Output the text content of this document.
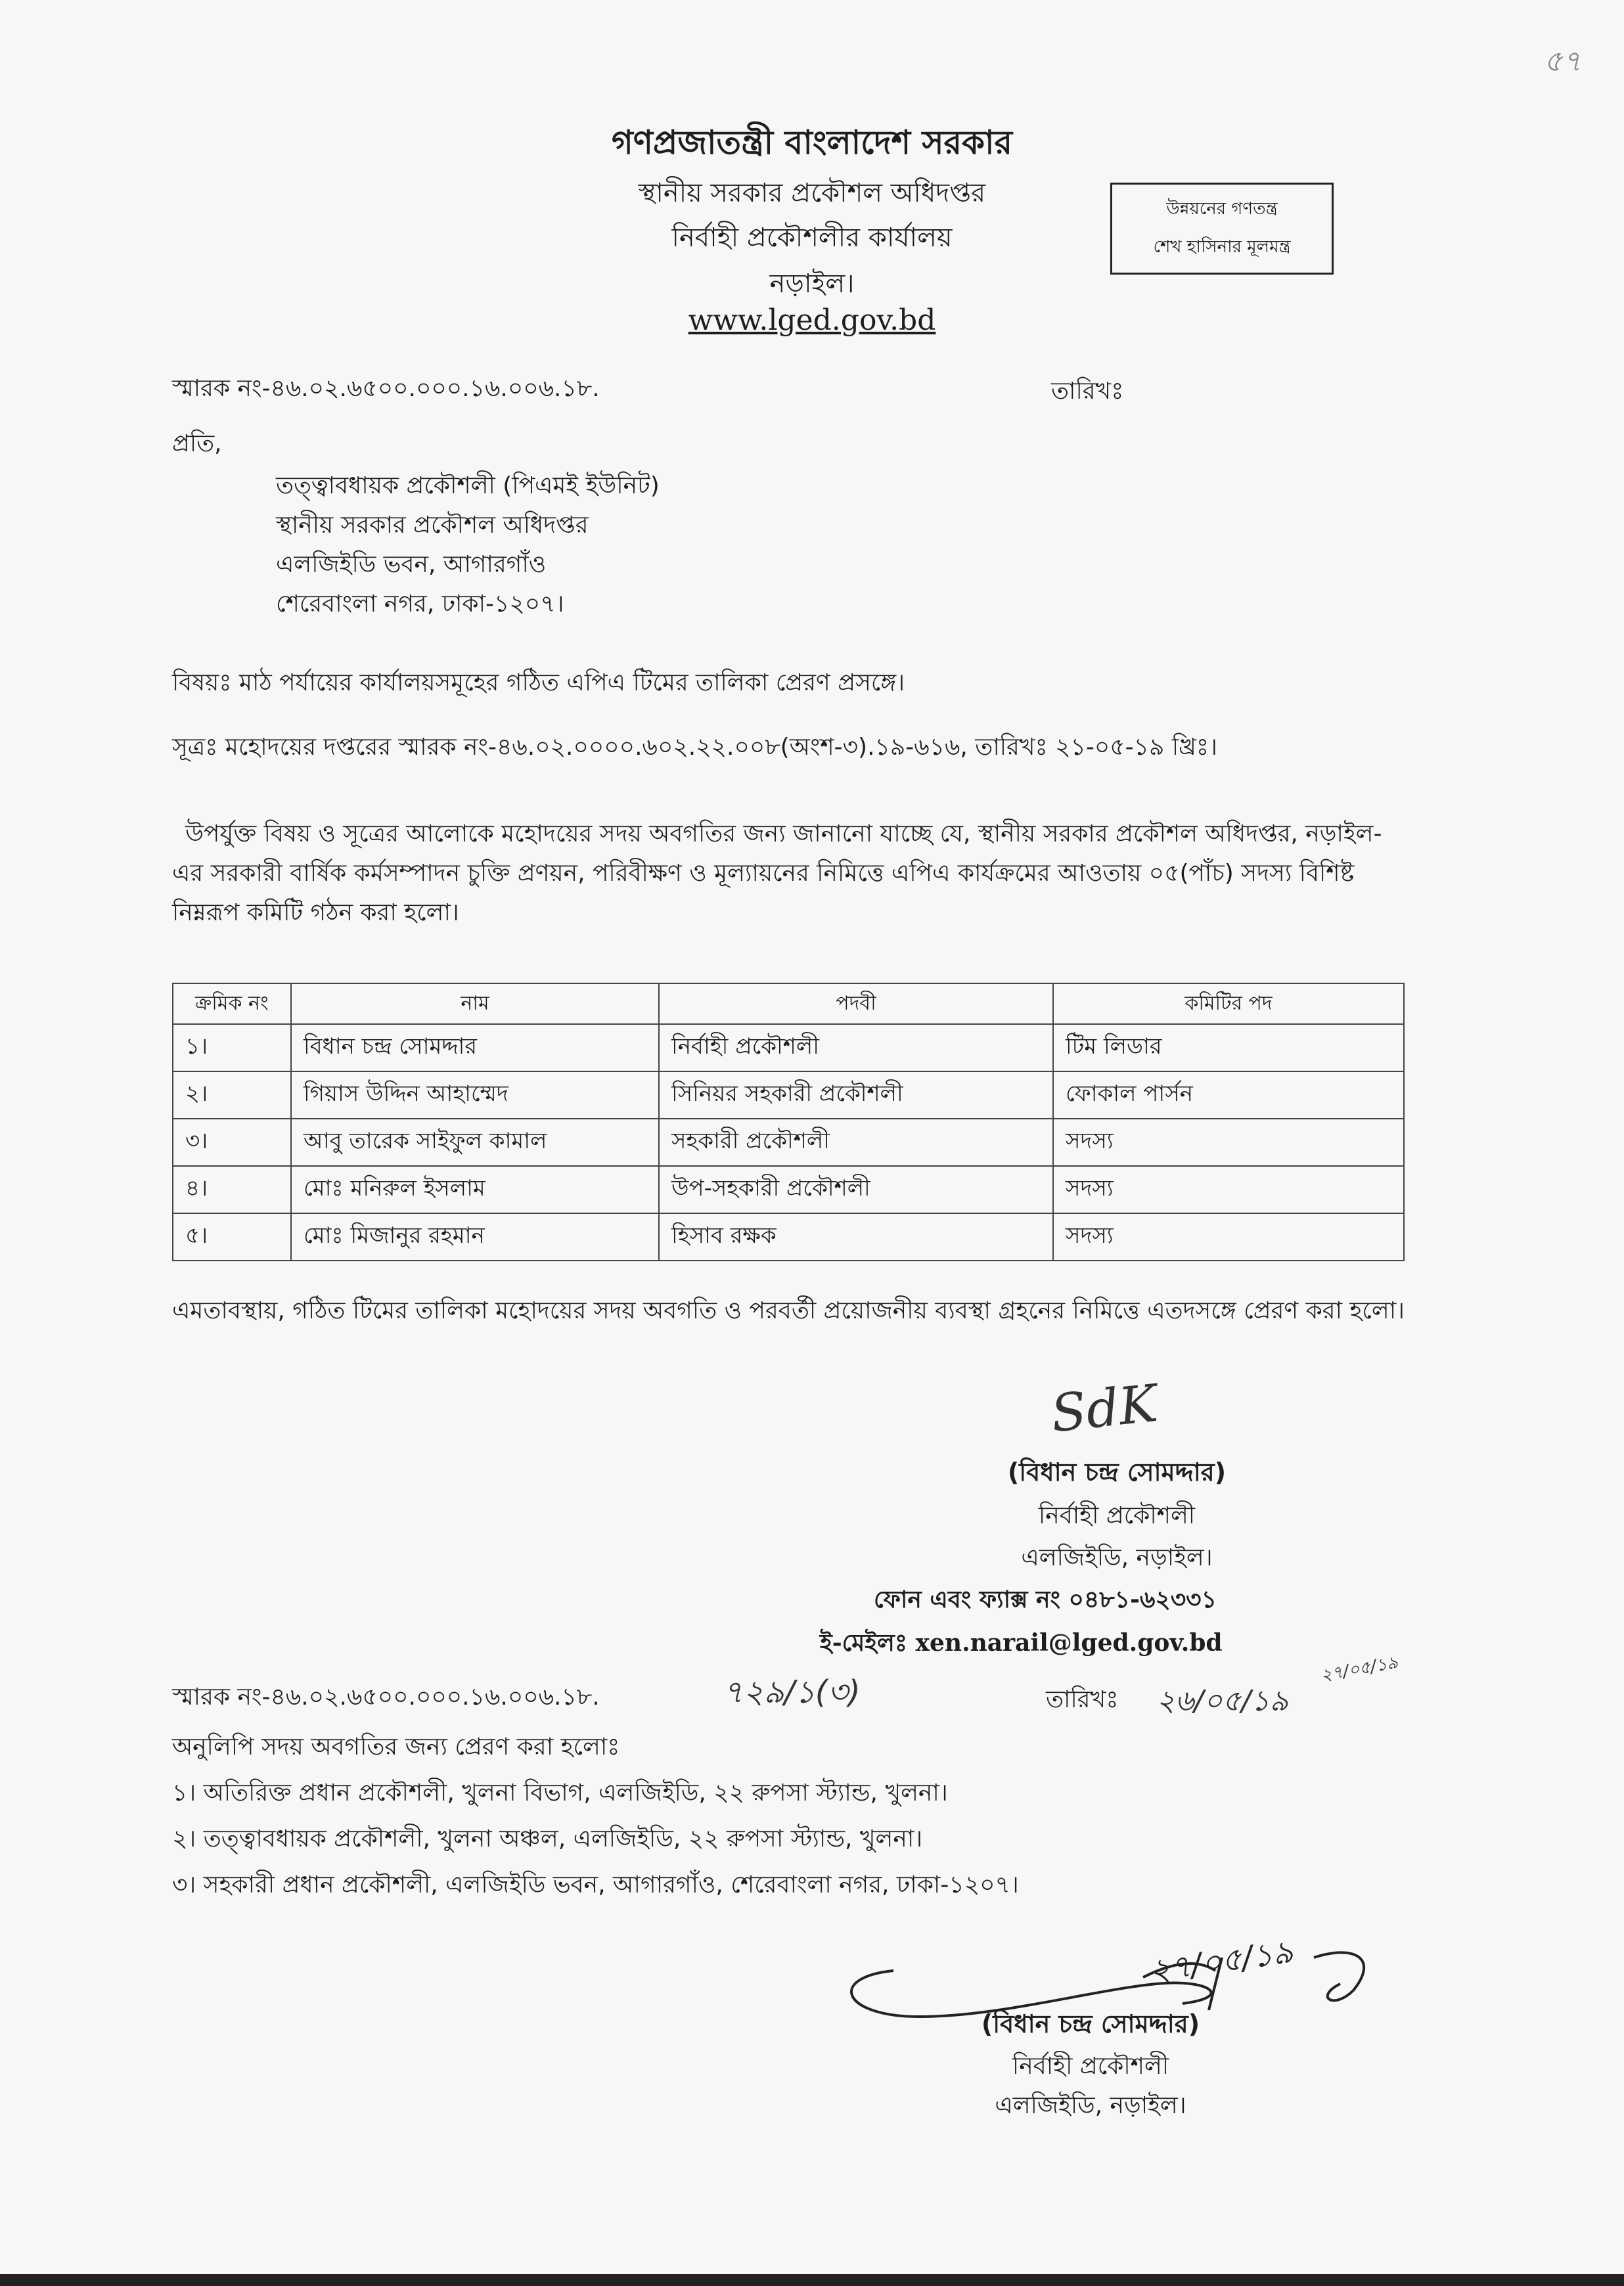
৫৭
গণপ্রজাতন্ত্রী বাংলাদেশ সরকার
স্থানীয় সরকার প্রকৌশল অধিদপ্তর
নির্বাহী প্রকৌশলীর কার্যালয়
নড়াইল।
www.lged.gov.bd
উন্নয়নের গণতন্ত্র
শেখ হাসিনার মূলমন্ত্র
স্মারক নং-৪৬.০২.৬৫০০.০০০.১৬.০০৬.১৮.	তারিখঃ
প্রতি,
তত্ত্বাবধায়ক প্রকৌশলী (পিএমই ইউনিট)
স্থানীয় সরকার প্রকৌশল অধিদপ্তর
এলজিইডি ভবন, আগারগাঁও
শেরেবাংলা নগর, ঢাকা-১২০৭।
বিষয়ঃ মাঠ পর্যায়ের কার্যালয়সমূহের গঠিত এপিএ টিমের তালিকা প্রেরণ প্রসঙ্গে।
সূত্রঃ মহোদয়ের দপ্তরের স্মারক নং-৪৬.০২.০০০০.৬০২.২২.০০৮(অংশ-৩).১৯-৬১৬, তারিখঃ ২১-০৫-১৯ খ্রিঃ।
উপর্যুক্ত বিষয় ও সূত্রের আলোকে মহোদয়ের সদয় অবগতির জন্য জানানো যাচ্ছে যে, স্থানীয় সরকার প্রকৌশল অধিদপ্তর, নড়াইল- এর সরকারী বার্ষিক কর্মসম্পাদন চুক্তি প্রণয়ন, পরিবীক্ষণ ও মূল্যায়নের নিমিত্তে এপিএ কার্যক্রমের আওতায় ০৫(পাঁচ) সদস্য বিশিষ্ট নিম্নরূপ কমিটি গঠন করা হলো।
ক্রমিক নং	নাম	পদবী	কমিটির পদ
১।	বিধান চন্দ্র সোমদ্দার	নির্বাহী প্রকৌশলী	টিম লিডার
২।	গিয়াস উদ্দিন আহাম্মেদ	সিনিয়র সহকারী প্রকৌশলী	ফোকাল পার্সন
৩।	আবু তারেক সাইফুল কামাল	সহকারী প্রকৌশলী	সদস্য
৪।	মোঃ মনিরুল ইসলাম	উপ-সহকারী প্রকৌশলী	সদস্য
৫।	মোঃ মিজানুর রহমান	হিসাব রক্ষক	সদস্য
এমতাবস্থায়, গঠিত টিমের তালিকা মহোদয়ের সদয় অবগতি ও পরবর্তী প্রয়োজনীয় ব্যবস্থা গ্রহনের নিমিত্তে এতদসঙ্গে প্রেরণ করা হলো।
SdK
(বিধান চন্দ্র সোমদ্দার)
নির্বাহী প্রকৌশলী
এলজিইডি, নড়াইল।
ফোন এবং ফ্যাক্স নং ০৪৮১-৬২৩৩১
ই-মেইলঃ xen.narail@lged.gov.bd
স্মারক নং-৪৬.০২.৬৫০০.০০০.১৬.০০৬.১৮.	৭২৯/১(৩)	তারিখঃ ২৬/০৫/১৯
২৭/০৫/১৯
অনুলিপি সদয় অবগতির জন্য প্রেরণ করা হলোঃ
১। অতিরিক্ত প্রধান প্রকৌশলী, খুলনা বিভাগ, এলজিইডি, ২২ রুপসা স্ট্যান্ড, খুলনা।
২। তত্ত্বাবধায়ক প্রকৌশলী, খুলনা অঞ্চল, এলজিইডি, ২২ রুপসা স্ট্যান্ড, খুলনা।
৩। সহকারী প্রধান প্রকৌশলী, এলজিইডি ভবন, আগারগাঁও, শেরেবাংলা নগর, ঢাকা-১২০৭।
২৭/০৫/১৯
(বিধান চন্দ্র সোমদ্দার)
নির্বাহী প্রকৌশলী
এলজিইডি, নড়াইল।
